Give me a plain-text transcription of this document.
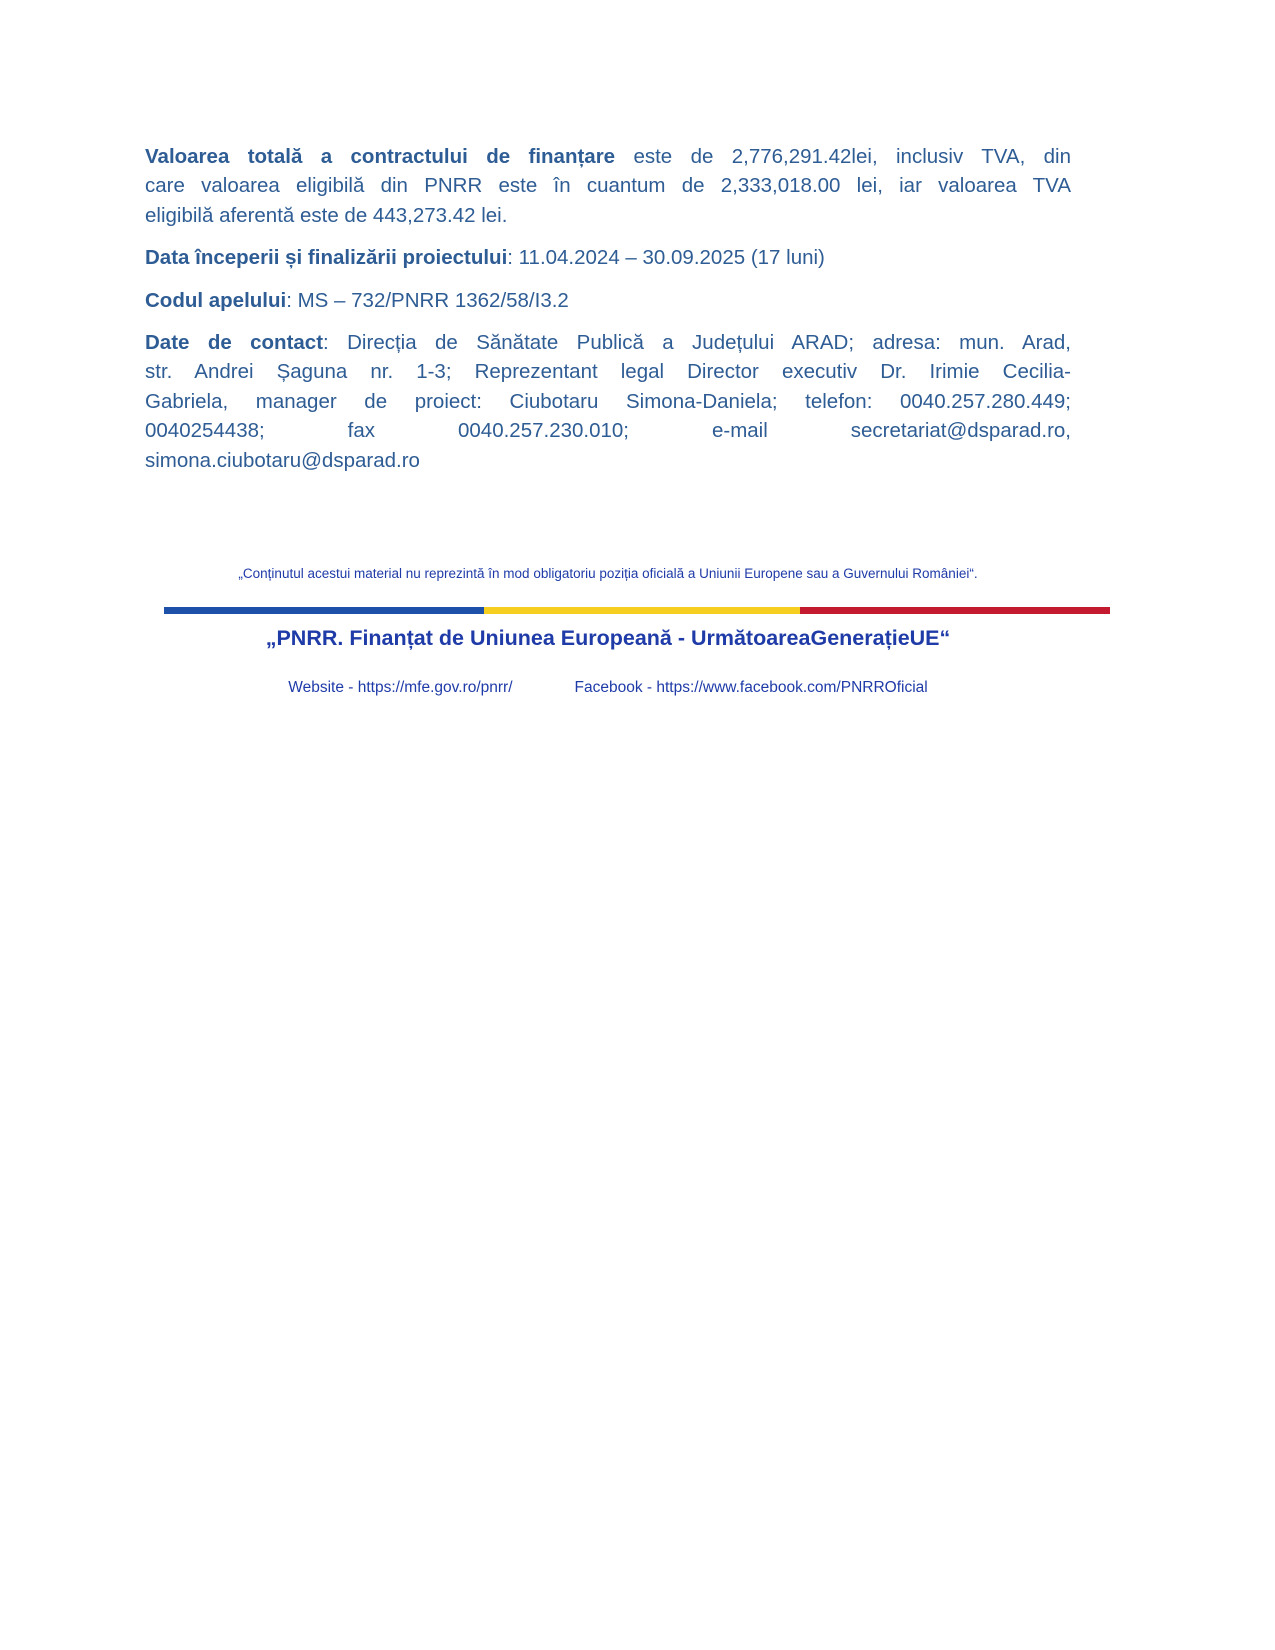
Valoarea totală a contractului de finanțare este de 2,776,291.42lei, inclusiv TVA, din
care valoarea eligibilă din PNRR este în cuantum de 2,333,018.00 lei, iar valoarea TVA
eligibilă aferentă este de 443,273.42 lei.
Data începerii și finalizării proiectului: 11.04.2024 – 30.09.2025 (17 luni)
Codul apelului: MS – 732/PNRR 1362/58/I3.2
Date de contact: Direcția de Sănătate Publică a Județului ARAD; adresa: mun. Arad,
str. Andrei Șaguna nr. 1-3; Reprezentant legal Director executiv Dr. Irimie Cecilia-
Gabriela, manager de proiect: Ciubotaru Simona-Daniela; telefon: 0040.257.280.449;
0040254438; fax 0040.257.230.010; e-mail secretariat@dsparad.ro,
simona.ciubotaru@dsparad.ro
„Conținutul acestui material nu reprezintă în mod obligatoriu poziția oficială a Uniunii Europene sau a Guvernului României“.
„PNRR. Finanțat de Uniunea Europeană - UrmătoareaGenerațieUE“
Website - https://mfe.gov.ro/pnrr/	Facebook - https://www.facebook.com/PNRROficial
